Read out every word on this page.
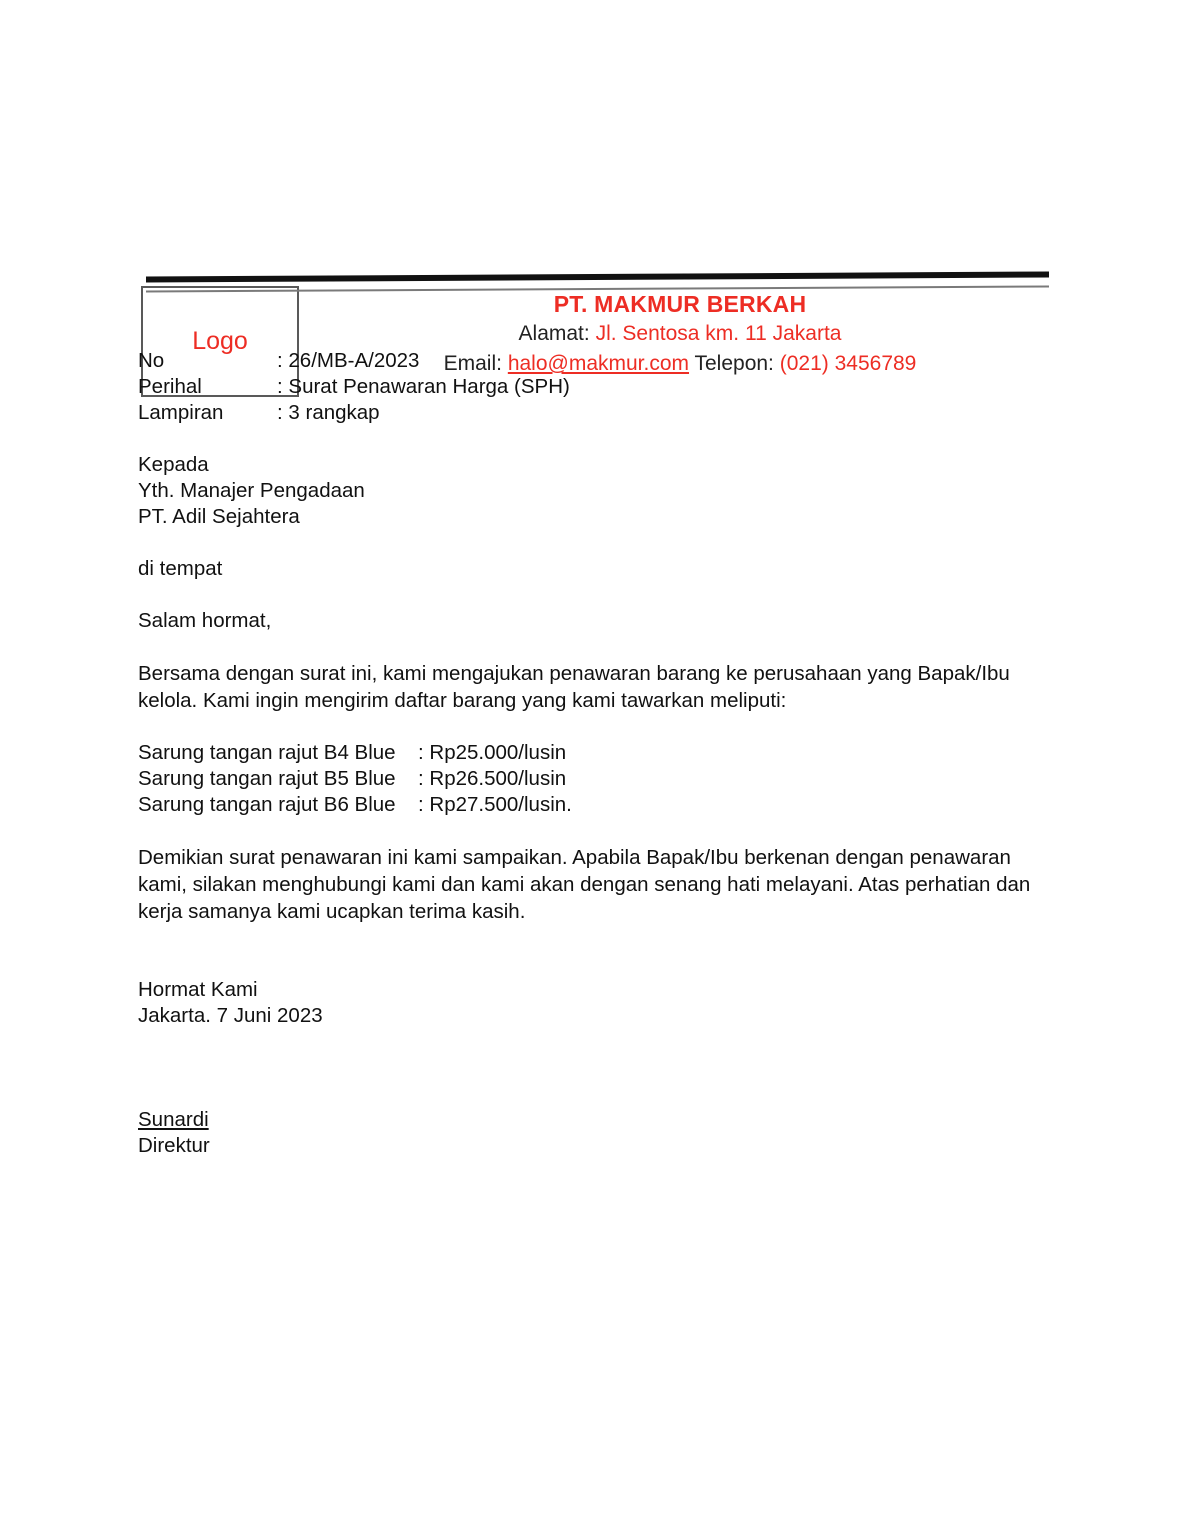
Logo
PT. MAKMUR BERKAH
Alamat: Jl. Sentosa km. 11 Jakarta
Email: halo@makmur.com Telepon: (021) 3456789
No	: 26/MB-A/2023
Perihal	: Surat Penawaran Harga (SPH)
Lampiran	: 3 rangkap
Kepada
Yth. Manajer Pengadaan
PT. Adil Sejahtera
di tempat
Salam hormat,
Bersama dengan surat ini, kami mengajukan penawaran barang ke perusahaan yang Bapak/Ibu kelola. Kami ingin mengirim daftar barang yang kami tawarkan meliputi:
Sarung tangan rajut B4 Blue	: Rp25.000/lusin
Sarung tangan rajut B5 Blue	: Rp26.500/lusin
Sarung tangan rajut B6 Blue	: Rp27.500/lusin.
Demikian surat penawaran ini kami sampaikan. Apabila Bapak/Ibu berkenan dengan penawaran kami, silakan menghubungi kami dan kami akan dengan senang hati melayani. Atas perhatian dan kerja samanya kami ucapkan terima kasih.
Hormat Kami
Jakarta. 7 Juni 2023
Sunardi
Direktur
